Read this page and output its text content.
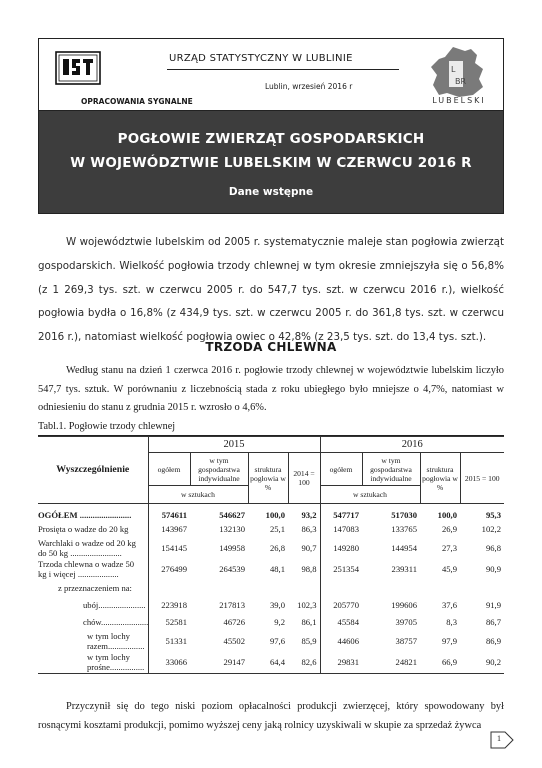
URZĄD STATYSTYCZNY W LUBLINIE
Lublin, wrzesień 2016 r
OPRACOWANIA SYGNALNE
L
BR
LUBELSKI
POGŁOWIE ZWIERZĄT GOSPODARSKICH
W WOJEWÓDZTWIE LUBELSKIM W CZERWCU 2016 R
Dane wstępne

W województwie lubelskim od 2005 r. systematycznie maleje stan pogłowia zwierząt gospodarskich. Wielkość pogłowia trzody chlewnej w tym okresie zmniejszyła się o 56,8% (z 1 269,3 tys. szt. w czerwcu 2005 r. do 547,7 tys. szt. w czerwcu 2016 r.), wielkość pogłowia bydła o 16,8% (z 434,9 tys. szt. w czerwcu 2005 r. do 361,8 tys. szt. w czerwcu 2016 r.), natomiast wielkość pogłowia owiec o 42,8% (z 23,5 tys. szt. do 13,4 tys. szt.).

TRZODA CHLEWNA

Według stanu na dzień 1 czerwca 2016 r. pogłowie trzody chlewnej w województwie lubelskim liczyło 547,7 tys. sztuk. W porównaniu z liczebnością stada z roku ubiegłego było mniejsze o 4,7%, natomiast w odniesieniu do stanu z grudnia 2015 r. wzrosło o 4,6%.

Tabl.1. Pogłowie trzody chlewnej
Wyszczególnienie	2015				2016			
	ogółem	w tym gospodarstwa indywidualne	struktura pogłowia w %	2014 = 100	ogółem	w tym gospodarstwa indywidualne	struktura pogłowia w %	2015 = 100
	w sztukach				w sztukach			
OGÓŁEM ........................	574611	546627	100,0	93,2	547717	517030	100,0	95,3
Prosięta o wadze do 20 kg	143967	132130	25,1	86,3	147083	133765	26,9	102,2
Warchlaki o wadze od 20 kg do 50 kg ........................	154145	149958	26,8	90,7	149280	144954	27,3	96,8
Trzoda chlewna o wadze 50 kg i więcej ...................	276499	264539	48,1	98,8	251354	239311	45,9	90,9
z przeznaczeniem na:								
ubój......................	223918	217813	39,0	102,3	205770	199606	37,6	91,9
chów......................	52581	46726	9,2	86,1	45584	39705	8,3	86,7
w tym lochy razem.................	51331	45502	97,6	85,9	44606	38757	97,9	86,9
w tym lochy prośne................	33066	29147	64,4	82,6	29831	24821	66,9	90,2

Przyczynił się do tego niski poziom opłacalności produkcji zwierzęcej, który spowodowany był rosnącymi kosztami produkcji, pomimo wyższej ceny jaką rolnicy uzyskiwali w skupie za sprzedaż żywca

1
